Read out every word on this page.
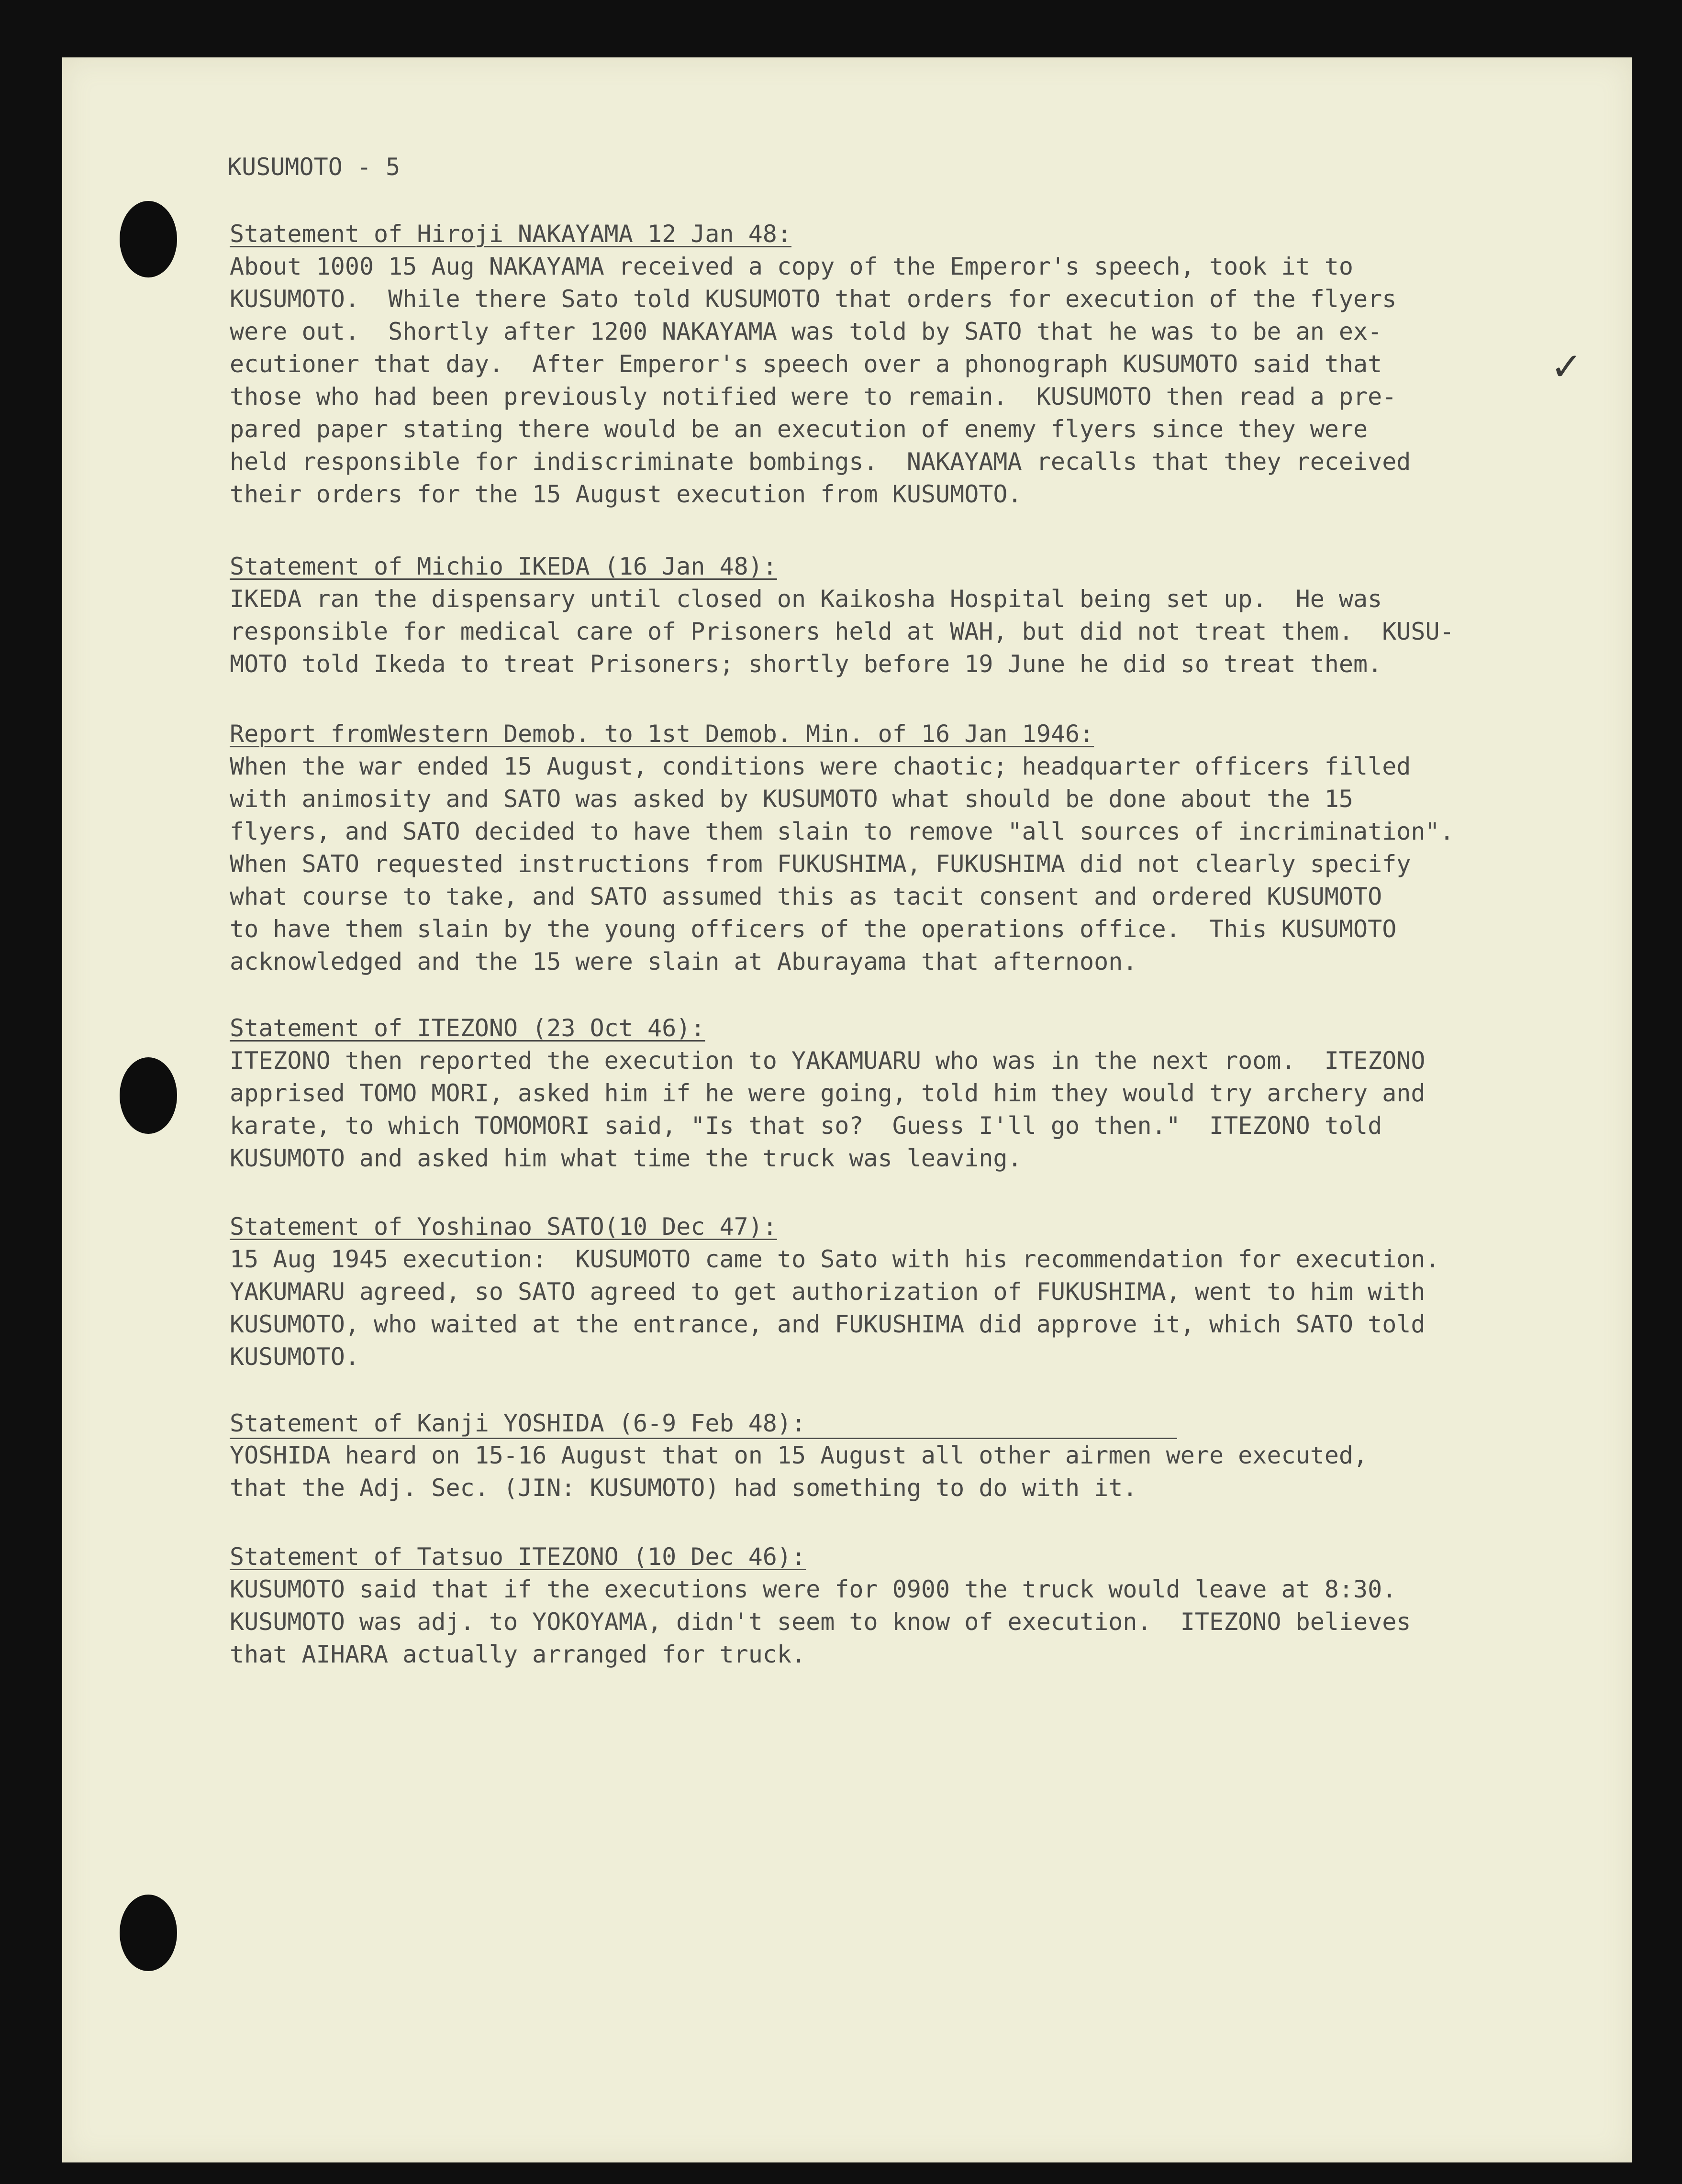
KUSUMOTO - 5
✓
Statement of Hiroji NAKAYAMA 12 Jan 48:
About 1000 15 Aug NAKAYAMA received a copy of the Emperor's speech, took it to
KUSUMOTO.  While there Sato told KUSUMOTO that orders for execution of the flyers
were out.  Shortly after 1200 NAKAYAMA was told by SATO that he was to be an ex-
ecutioner that day.  After Emperor's speech over a phonograph KUSUMOTO said that
those who had been previously notified were to remain.  KUSUMOTO then read a pre-
pared paper stating there would be an execution of enemy flyers since they were
held responsible for indiscriminate bombings.  NAKAYAMA recalls that they received
their orders for the 15 August execution from KUSUMOTO.
Statement of Michio IKEDA (16 Jan 48):
IKEDA ran the dispensary until closed on Kaikosha Hospital being set up.  He was
responsible for medical care of Prisoners held at WAH, but did not treat them.  KUSU-
MOTO told Ikeda to treat Prisoners; shortly before 19 June he did so treat them.
Report fromWestern Demob. to 1st Demob. Min. of 16 Jan 1946:
When the war ended 15 August, conditions were chaotic; headquarter officers filled
with animosity and SATO was asked by KUSUMOTO what should be done about the 15
flyers, and SATO decided to have them slain to remove "all sources of incrimination".
When SATO requested instructions from FUKUSHIMA, FUKUSHIMA did not clearly specify
what course to take, and SATO assumed this as tacit consent and ordered KUSUMOTO
to have them slain by the young officers of the operations office.  This KUSUMOTO
acknowledged and the 15 were slain at Aburayama that afternoon.
Statement of ITEZONO (23 Oct 46):
ITEZONO then reported the execution to YAKAMUARU who was in the next room.  ITEZONO
apprised TOMO MORI, asked him if he were going, told him they would try archery and
karate, to which TOMOMORI said, "Is that so?  Guess I'll go then."  ITEZONO told
KUSUMOTO and asked him what time the truck was leaving.
Statement of Yoshinao SATO(10 Dec 47):
15 Aug 1945 execution:  KUSUMOTO came to Sato with his recommendation for execution.
YAKUMARU agreed, so SATO agreed to get authorization of FUKUSHIMA, went to him with
KUSUMOTO, who waited at the entrance, and FUKUSHIMA did approve it, which SATO told
KUSUMOTO.
Statement of Kanji YOSHIDA (6-9 Feb 48):
YOSHIDA heard on 15-16 August that on 15 August all other airmen were executed,
that the Adj. Sec. (JIN: KUSUMOTO) had something to do with it.
Statement of Tatsuo ITEZONO (10 Dec 46):
KUSUMOTO said that if the executions were for 0900 the truck would leave at 8:30.
KUSUMOTO was adj. to YOKOYAMA, didn't seem to know of execution.  ITEZONO believes
that AIHARA actually arranged for truck.
